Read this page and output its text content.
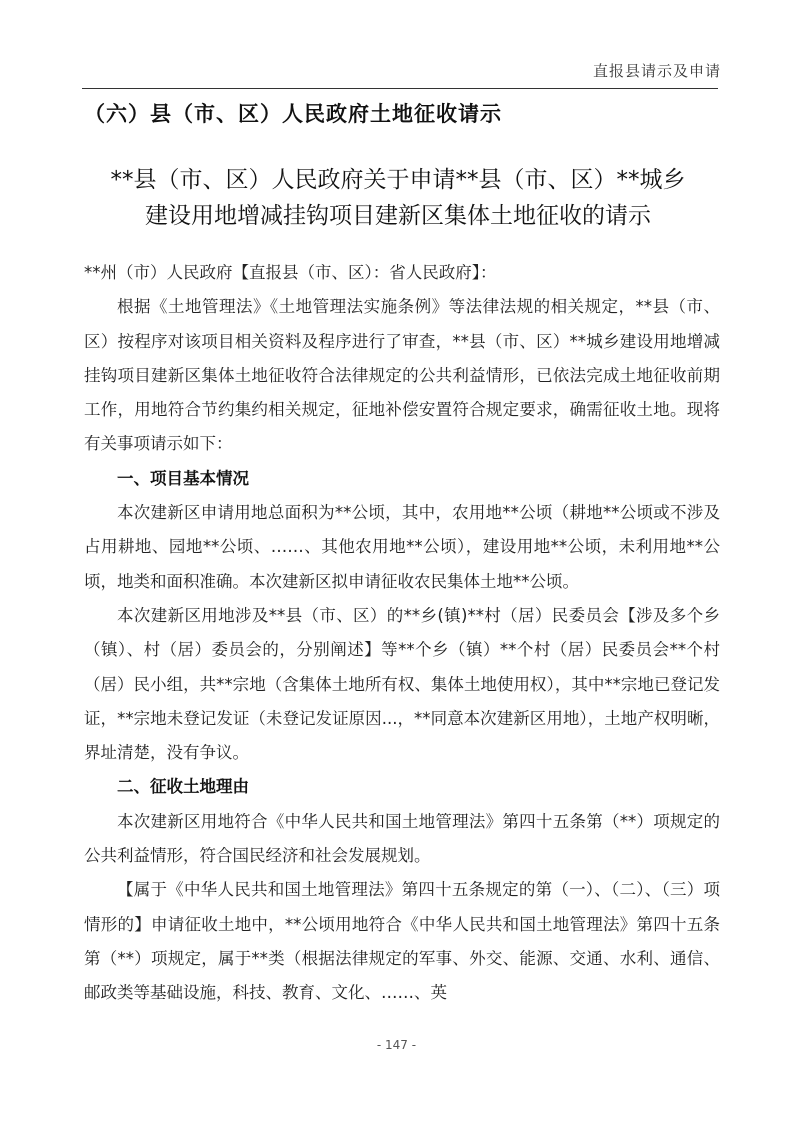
直报县请示及申请
（六）县（市、区）人民政府土地征收请示
**县（市、区）人民政府关于申请**县（市、区）**城乡
建设用地增减挂钩项目建新区集体土地征收的请示

**州（市）人民政府【直报县（市、区）：省人民政府】：

根据《土地管理法》《土地管理法实施条例》等法律法规的相关规定，**县（市、区）按程序对该项目相关资料及程序进行了审查，**县（市、区）**城乡建设用地增减挂钩项目建新区集体土地征收符合法律规定的公共利益情形，已依法完成土地征收前期工作，用地符合节约集约相关规定，征地补偿安置符合规定要求，确需征收土地。现将有关事项请示如下：

一、项目基本情况

本次建新区申请用地总面积为**公顷，其中，农用地**公顷（耕地**公顷或不涉及占用耕地、园地**公顷、……、其他农用地**公顷），建设用地**公顷，未利用地**公顷，地类和面积准确。本次建新区拟申请征收农民集体土地**公顷。

本次建新区用地涉及**县（市、区）的**乡(镇)**村（居）民委员会【涉及多个乡（镇）、村（居）委员会的，分别阐述】等**个乡（镇）**个村（居）民委员会**个村（居）民小组，共**宗地（含集体土地所有权、集体土地使用权），其中**宗地已登记发证，**宗地未登记发证（未登记发证原因...，**同意本次建新区用地），土地产权明晰，界址清楚，没有争议。

二、征收土地理由

本次建新区用地符合《中华人民共和国土地管理法》第四十五条第（**）项规定的公共利益情形，符合国民经济和社会发展规划。

【属于《中华人民共和国土地管理法》第四十五条规定的第（一）、（二）、（三）项情形的】申请征收土地中，**公顷用地符合《中华人民共和国土地管理法》第四十五条第（**）项规定，属于**类（根据法律规定的军事、外交、能源、交通、水利、通信、邮政类等基础设施，科技、教育、文化、……、英

- 147 -
